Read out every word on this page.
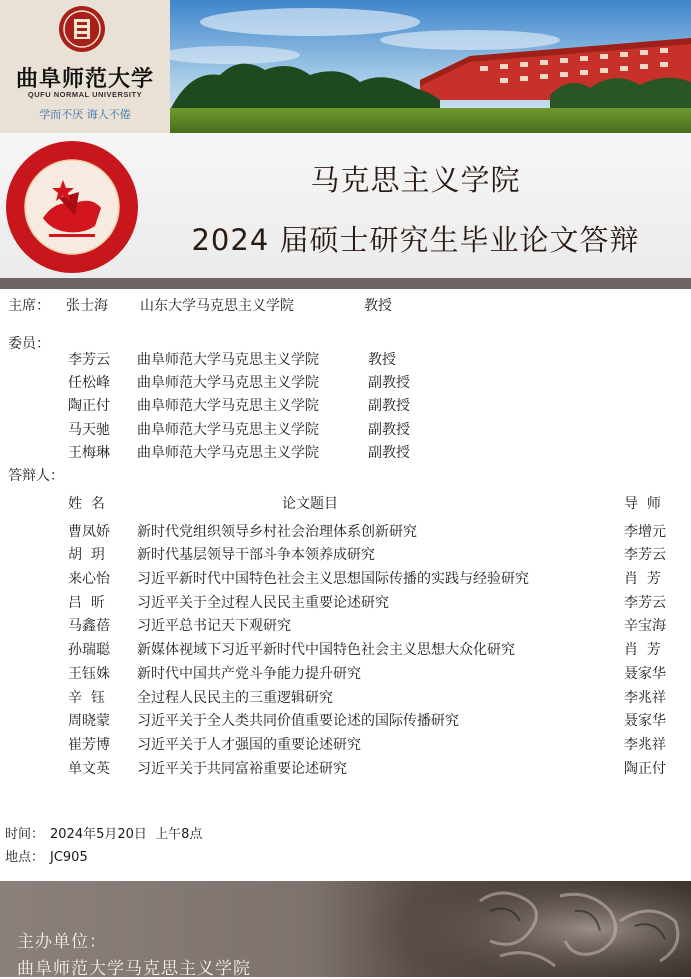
曲阜师范大学
QUFU NORMAL UNIVERSITY
学而不厌 诲人不倦
马克思主义学院
2024 届硕士研究生毕业论文答辩
主席： 张士海 山东大学马克思主义学院	教授
委员：
李芳云 曲阜师范大学马克思主义学院	教授
任松峰 曲阜师范大学马克思主义学院	副教授
陶正付 曲阜师范大学马克思主义学院	副教授
马天驰 曲阜师范大学马克思主义学院	副教授
王梅琳 曲阜师范大学马克思主义学院	副教授
答辩人：
姓  名	论文题目	导  师
曹凤娇 新时代党组织领导乡村社会治理体系创新研究	李增元
胡  玥 新时代基层领导干部斗争本领养成研究	李芳云
来心怡 习近平新时代中国特色社会主义思想国际传播的实践与经验研究	肖  芳
吕  昕 习近平关于全过程人民民主重要论述研究	李芳云
马鑫蓓 习近平总书记天下观研究	辛宝海
孙瑞聪 新媒体视域下习近平新时代中国特色社会主义思想大众化研究	肖  芳
王钰姝 新时代中国共产党斗争能力提升研究	聂家华
辛  钰 全过程人民民主的三重逻辑研究	李兆祥
周晓蒙 习近平关于全人类共同价值重要论述的国际传播研究	聂家华
崔芳博 习近平关于人才强国的重要论述研究	李兆祥
单文英 习近平关于共同富裕重要论述研究	陶正付
时间： 2024年5月20日  上午8点
地点： JC905
主办单位：
曲阜师范大学马克思主义学院
